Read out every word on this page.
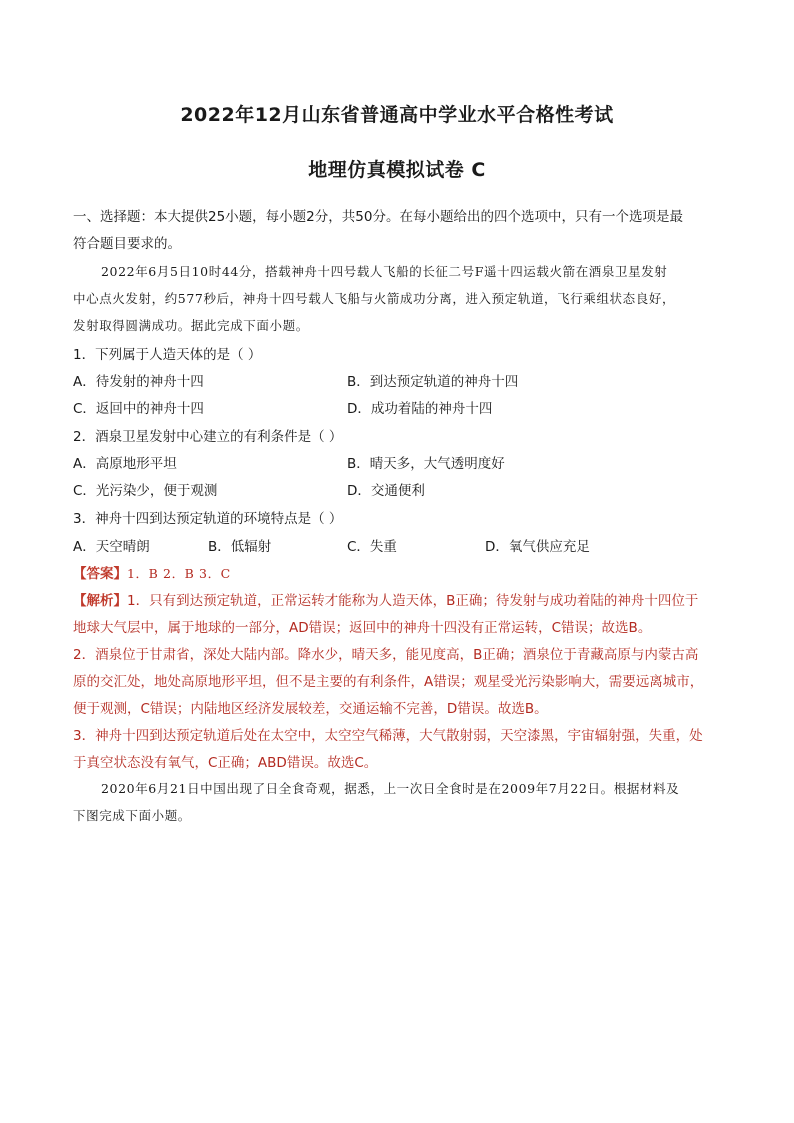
2022年12月山东省普通高中学业水平合格性考试
地理仿真模拟试卷 C
一、选择题：本大提供25小题，每小题2分，共50分。在每小题给出的四个选项中，只有一个选项是最
符合题目要求的。
2022年6月5日10时44分，搭载神舟十四号载人飞船的长征二号F遥十四运载火箭在酒泉卫星发射
中心点火发射，约577秒后，神舟十四号载人飞船与火箭成功分离，进入预定轨道，飞行乘组状态良好，
发射取得圆满成功。据此完成下面小题。
1．下列属于人造天体的是（ ）
A．待发射的神舟十四	B．到达预定轨道的神舟十四
C．返回中的神舟十四	D．成功着陆的神舟十四
2．酒泉卫星发射中心建立的有利条件是（ ）
A．高原地形平坦	B．晴天多，大气透明度好
C．光污染少，便于观测	D．交通便利
3．神舟十四到达预定轨道的环境特点是（ ）
A．天空晴朗	B．低辐射	C．失重	D．氧气供应充足
【答案】1．B 2．B 3．C
【解析】1．只有到达预定轨道，正常运转才能称为人造天体，B正确；待发射与成功着陆的神舟十四位于
地球大气层中，属于地球的一部分，AD错误；返回中的神舟十四没有正常运转，C错误；故选B。
2．酒泉位于甘肃省，深处大陆内部。降水少，晴天多，能见度高，B正确；酒泉位于青藏高原与内蒙古高
原的交汇处，地处高原地形平坦，但不是主要的有利条件，A错误；观星受光污染影响大，需要远离城市，
便于观测，C错误；内陆地区经济发展较差，交通运输不完善，D错误。故选B。
3．神舟十四到达预定轨道后处在太空中，太空空气稀薄，大气散射弱，天空漆黑，宇宙辐射强，失重，处
于真空状态没有氧气，C正确；ABD错误。故选C。
2020年6月21日中国出现了日全食奇观，据悉，上一次日全食时是在2009年7月22日。根据材料及
下图完成下面小题。
